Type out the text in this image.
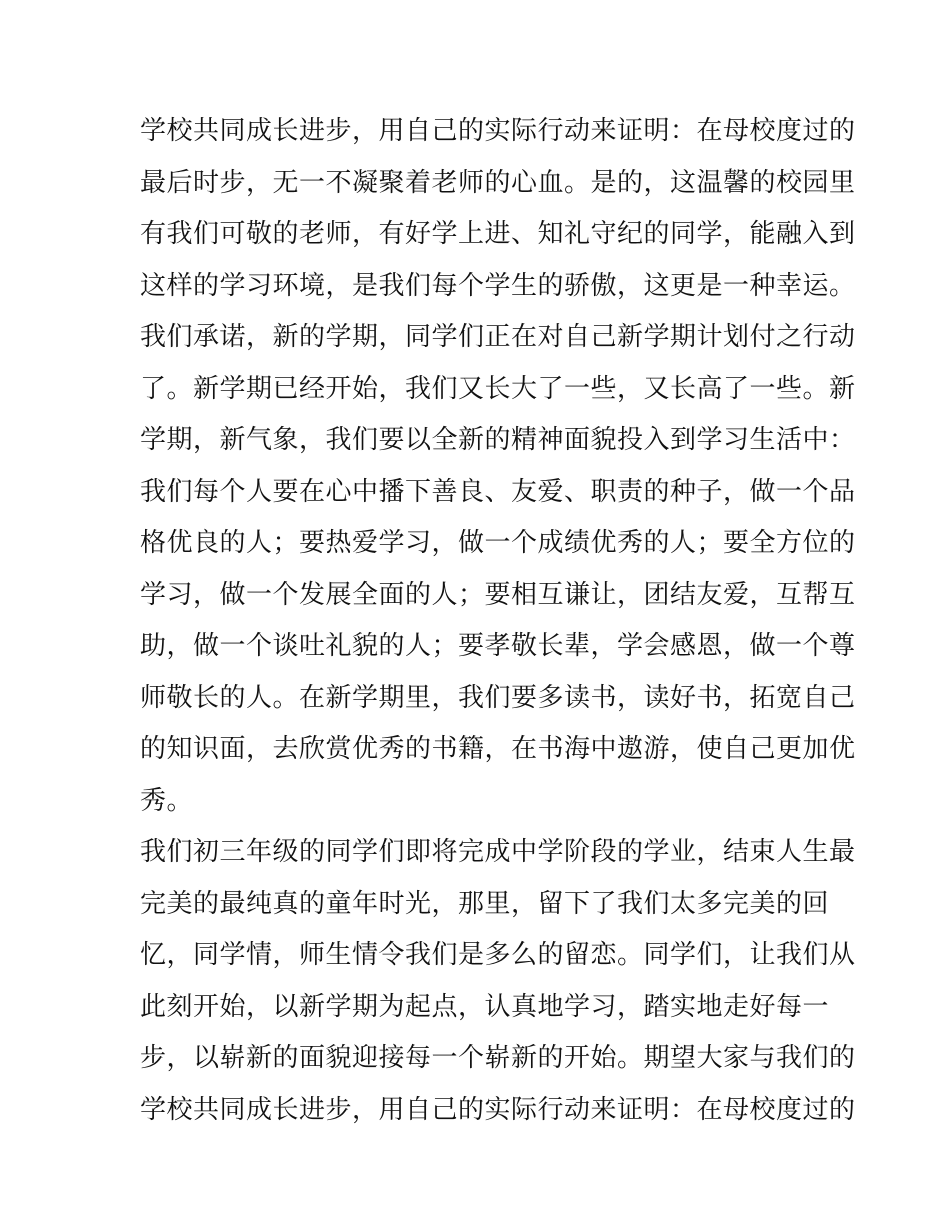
学校共同成长进步，用自己的实际行动来证明：在母校度过的
最后时步，无一不凝聚着老师的心血。是的，这温馨的校园里
有我们可敬的老师，有好学上进、知礼守纪的同学，能融入到
这样的学习环境，是我们每个学生的骄傲，这更是一种幸运。
我们承诺，新的学期，同学们正在对自己新学期计划付之行动
了。新学期已经开始，我们又长大了一些，又长高了一些。新
学期，新气象，我们要以全新的精神面貌投入到学习生活中：
我们每个人要在心中播下善良、友爱、职责的种子，做一个品
格优良的人；要热爱学习，做一个成绩优秀的人；要全方位的
学习，做一个发展全面的人；要相互谦让，团结友爱，互帮互
助，做一个谈吐礼貌的人；要孝敬长辈，学会感恩，做一个尊
师敬长的人。在新学期里，我们要多读书，读好书，拓宽自己
的知识面，去欣赏优秀的书籍，在书海中遨游，使自己更加优
秀。
我们初三年级的同学们即将完成中学阶段的学业，结束人生最
完美的最纯真的童年时光，那里，留下了我们太多完美的回
忆，同学情，师生情令我们是多么的留恋。同学们，让我们从
此刻开始，以新学期为起点，认真地学习，踏实地走好每一
步，以崭新的面貌迎接每一个崭新的开始。期望大家与我们的
学校共同成长进步，用自己的实际行动来证明：在母校度过的
